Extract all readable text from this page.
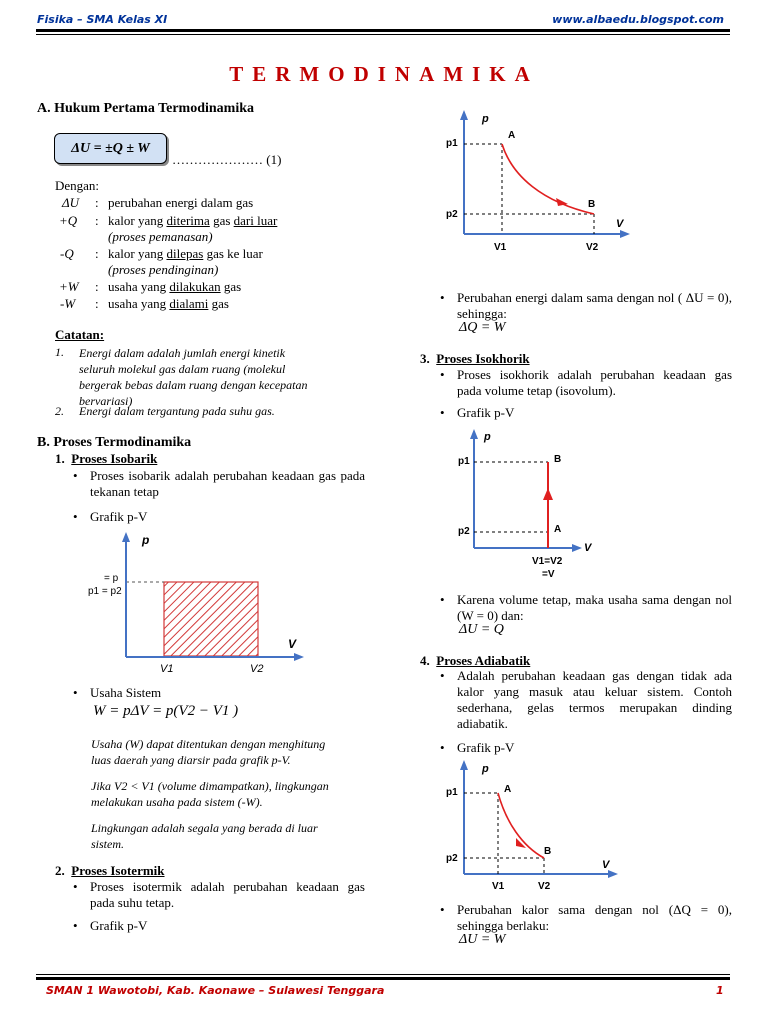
Fisika – SMA Kelas XI	www.albaedu.blogspot.com
TERMODINAMIKA
A. Hukum Pertama Termodinamika
ΔU = ±Q ± W
………………… (1)
Dengan:
ΔU : perubahan energi dalam gas
+Q : kalor yang diterima gas dari luar
(proses pemanasan)
-Q : kalor yang dilepas gas ke luar
(proses pendinginan)
+W : usaha yang dilakukan gas
-W : usaha yang dialami gas
Catatan:
1. Energi dalam adalah jumlah energi kinetik
seluruh molekul gas dalam ruang (molekul
bergerak bebas dalam ruang dengan kecepatan
bervariasi)
2. Energi dalam tergantung pada suhu gas.
B. Proses Termodinamika
1.  Proses Isobarik
• Proses isobarik adalah perubahan keadaan gas pada tekanan tetap
• Grafik p-V
p
V
V1	V2
= p
p1 = p2
• Usaha Sistem
W = pΔV = p(V2 − V1 )
Usaha (W) dapat ditentukan dengan menghitung
luas daerah yang diarsir pada grafik p-V.
Jika V2 < V1 (volume dimampatkan), lingkungan
melakukan usaha pada sistem (-W).
Lingkungan adalah segala yang berada di luar
sistem.
2.  Proses Isotermik
• Proses isotermik adalah perubahan keadaan gas pada suhu tetap.
• Grafik p-V
p
V
p1
p2
V1	V2
A
B
• Perubahan energi dalam sama dengan nol ( ΔU = 0), sehingga:
ΔQ = W
3.  Proses Isokhorik
• Proses isokhorik adalah perubahan keadaan gas pada volume tetap (isovolum).
• Grafik p-V
p
V
p1
p2
B
A
V1=V2
=V
• Karena volume tetap, maka usaha sama dengan nol (W = 0) dan:
ΔU = Q
4.  Proses Adiabatik
• Adalah perubahan keadaan gas dengan tidak ada kalor yang masuk atau keluar sistem. Contoh sederhana, gelas termos merupakan dinding adiabatik.
• Grafik p-V
p
V
p1
p2
V1	V2
A
B
• Perubahan kalor sama dengan nol (ΔQ = 0), sehingga berlaku:
ΔU = W
SMAN 1 Wawotobi, Kab. Kaonawe – Sulawesi Tenggara	1
